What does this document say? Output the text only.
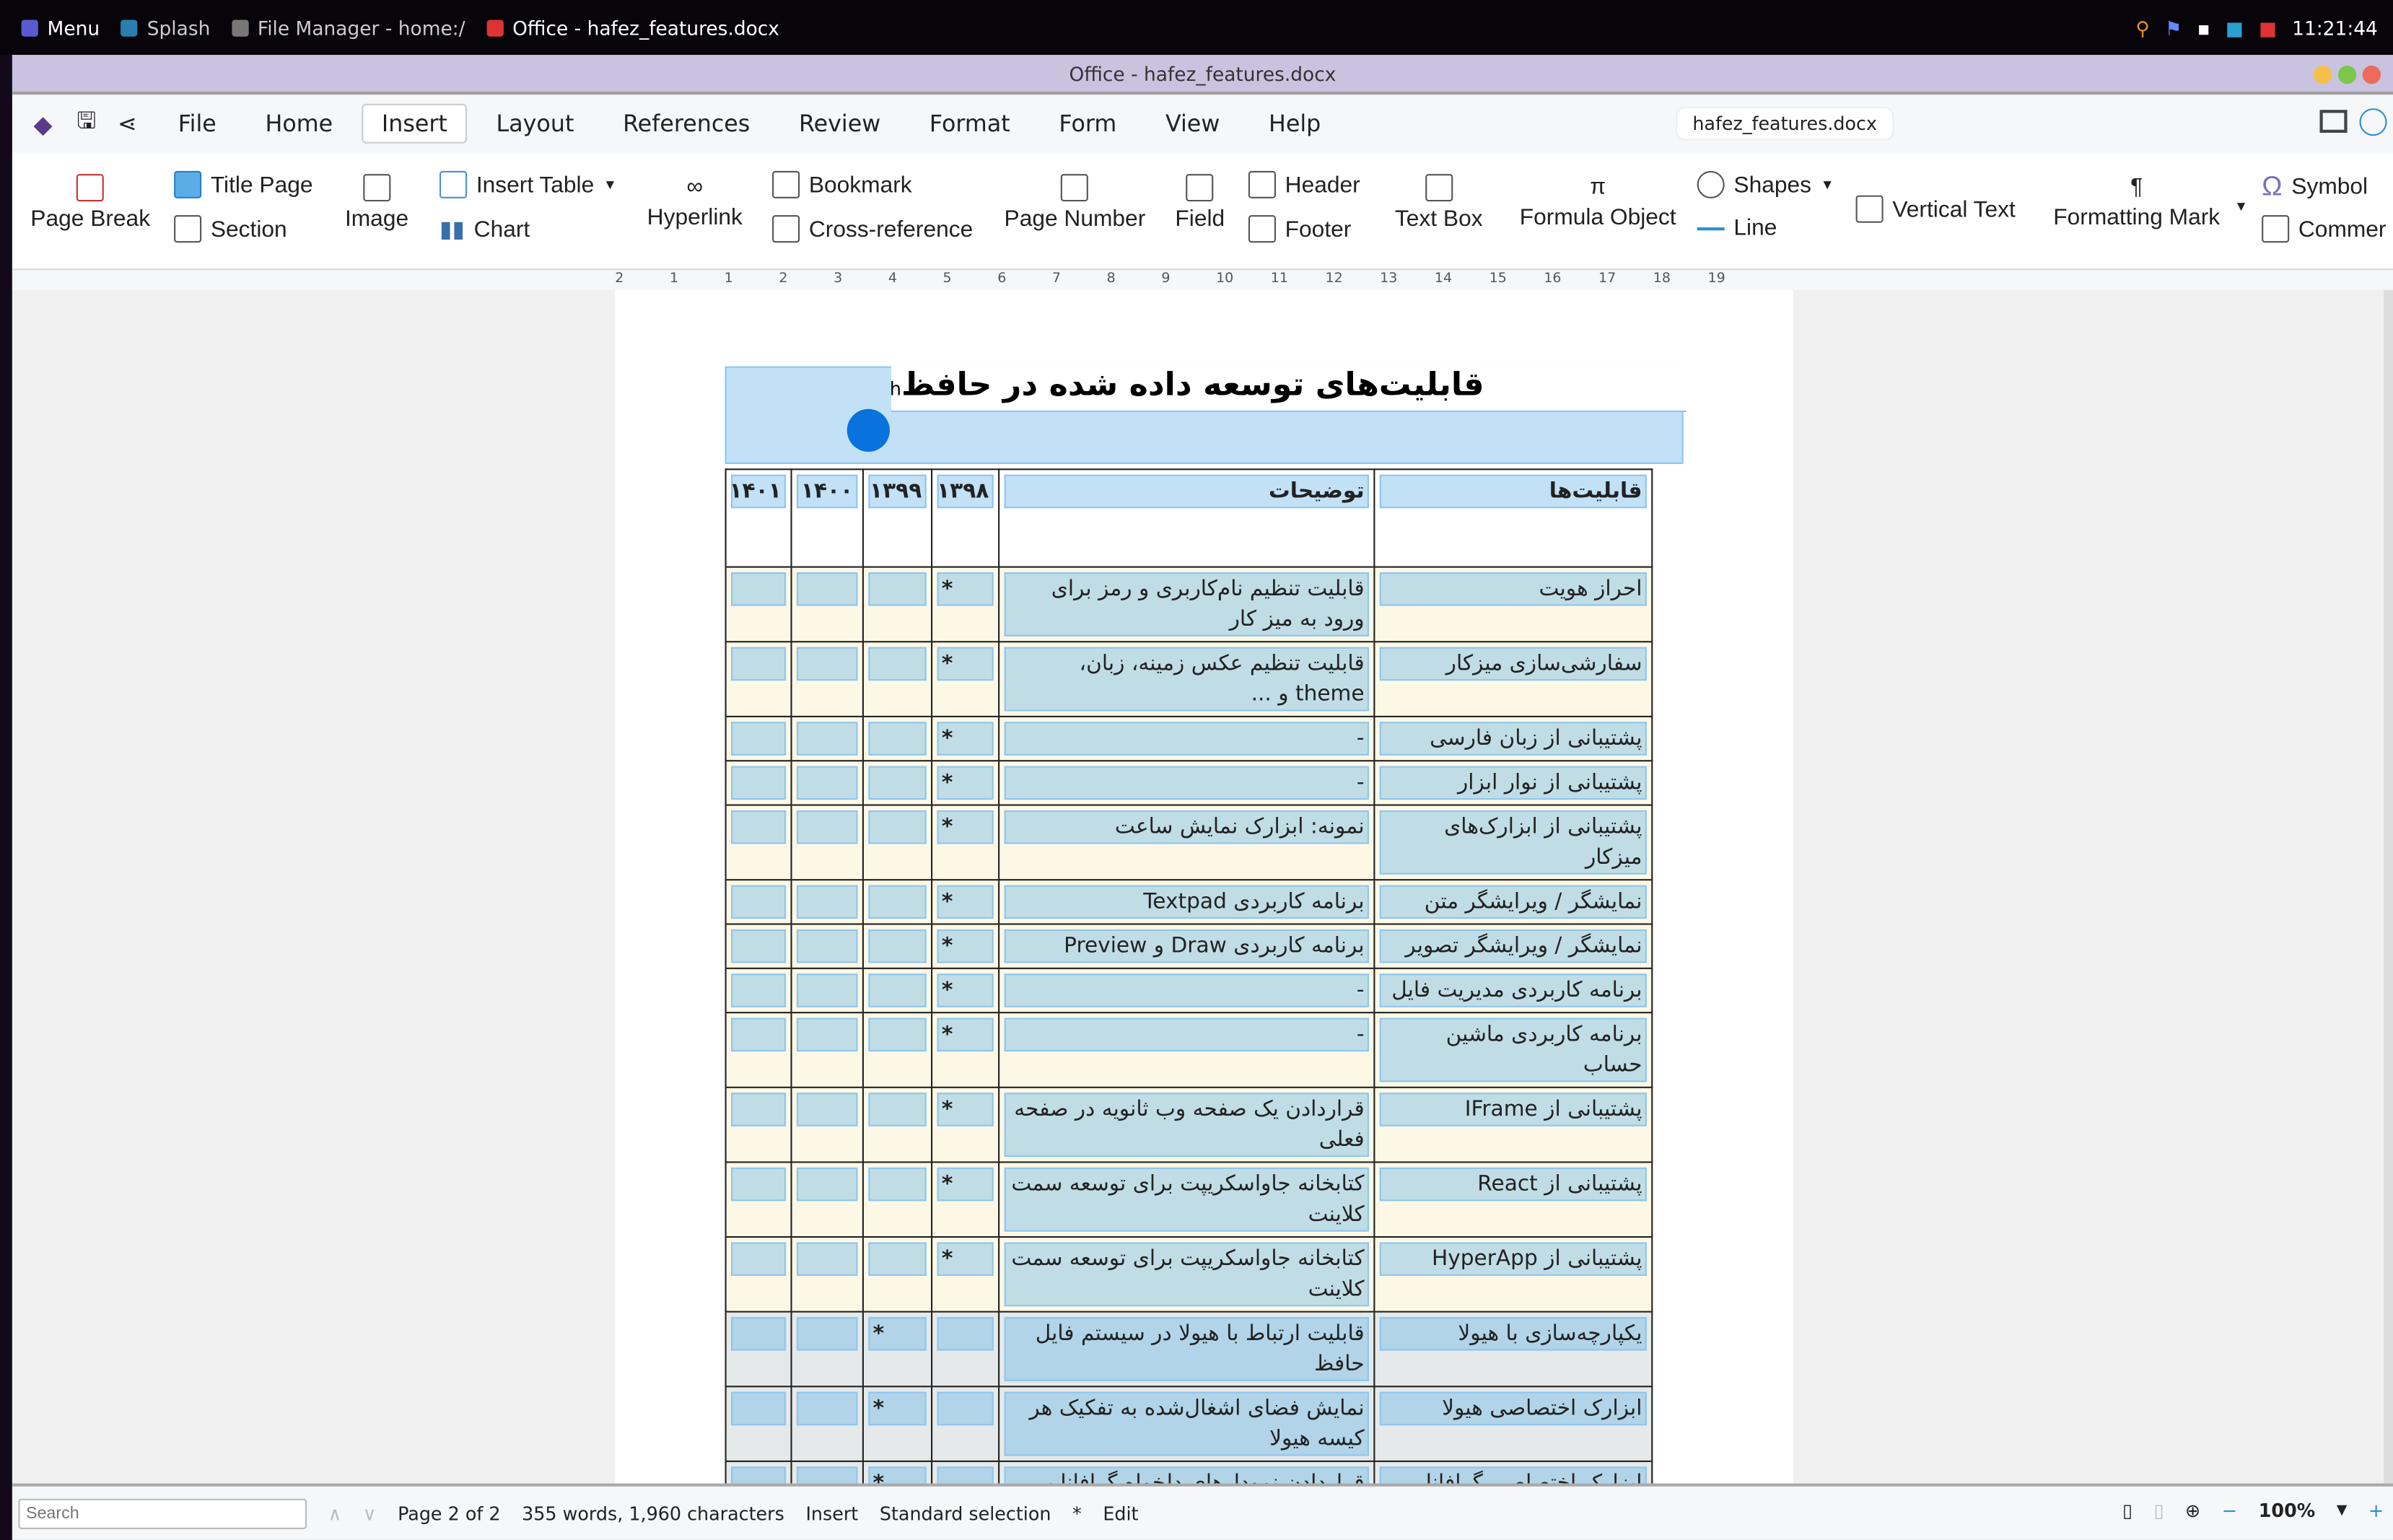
Menu	Splash	File Manager - home:/	Office - hafez_features.docx	⚲ ⚑ ▪ ■ ■ 11:21:44
Office - hafez_features.docx
◆ 🖫 ⋖	File	Home	Insert	Layout	References	Review	Format	Form	View	Help	hafez_features.docx
Page Break
Title Page
Section	Image
Insert Table ▼
▮▮ Chart
∞
Hyperlink
Bookmark
Cross-reference	Page Number	Field
Header
Footer	Text Box
π
Formula Object
Shapes ▼
Line
Vertical Text
¶
Formatting Mark ▼
Ω Symbol
Commer
2	1	1	2	3	4	5	6	7	8	9	10	11	12	13	14	15	16	17	18	19
قابلیت‌های توسعه داده شده در حافظh
قابلیت‌ها	توضیحات	۱۳۹۸	۱۳۹۹	۱۴۰۰	۱۴۰۱

احراز هویت	قابلیت تنظیم نام‌کاربری و رمز برای ورود به میز کار	*			

سفارشی‌سازی میزکار	قابلیت تنظیم عکس زمینه، زبان، theme و ...	*			

پشتیبانی از زبان فارسی	-	*			

پشتیبانی از نوار ابزار	-	*			

پشتیبانی از ابزارک‌های میزکار	نمونه: ابزارک نمایش ساعت	*			

نمایشگر / ویرایشگر متن	برنامه کاربردی Textpad	*			

نمایشگر / ویرایشگر تصویر	برنامه کاربردی Draw و Preview	*			

برنامه کاربردی مدیریت فایل	-	*			

برنامه کاربردی ماشین حساب	-	*			

پشتیبانی از IFrame	قراردادن یک صفحه وب ثانویه در صفحه فعلی	*			

پشتیبانی از React	کتابخانه جاواسکریپت برای توسعه سمت کلاینت	*			

پشتیبانی از HyperApp	کتابخانه جاواسکریپت برای توسعه سمت کلاینت	*			

یکپارچه‌سازی با هیولا	قابلیت ارتباط با هیولا در سیستم فایل حافظ		*		

ابزارک اختصاصی هیولا	نمایش فضای اشغال‌شده به تفکیک هر کیسه هیولا		*		

Search
∧ ∨ Page 2 of 2 355 words, 1,960 characters Insert Standard selection * Edit	▯ ▯ ⊕ − 100%	▼ +
